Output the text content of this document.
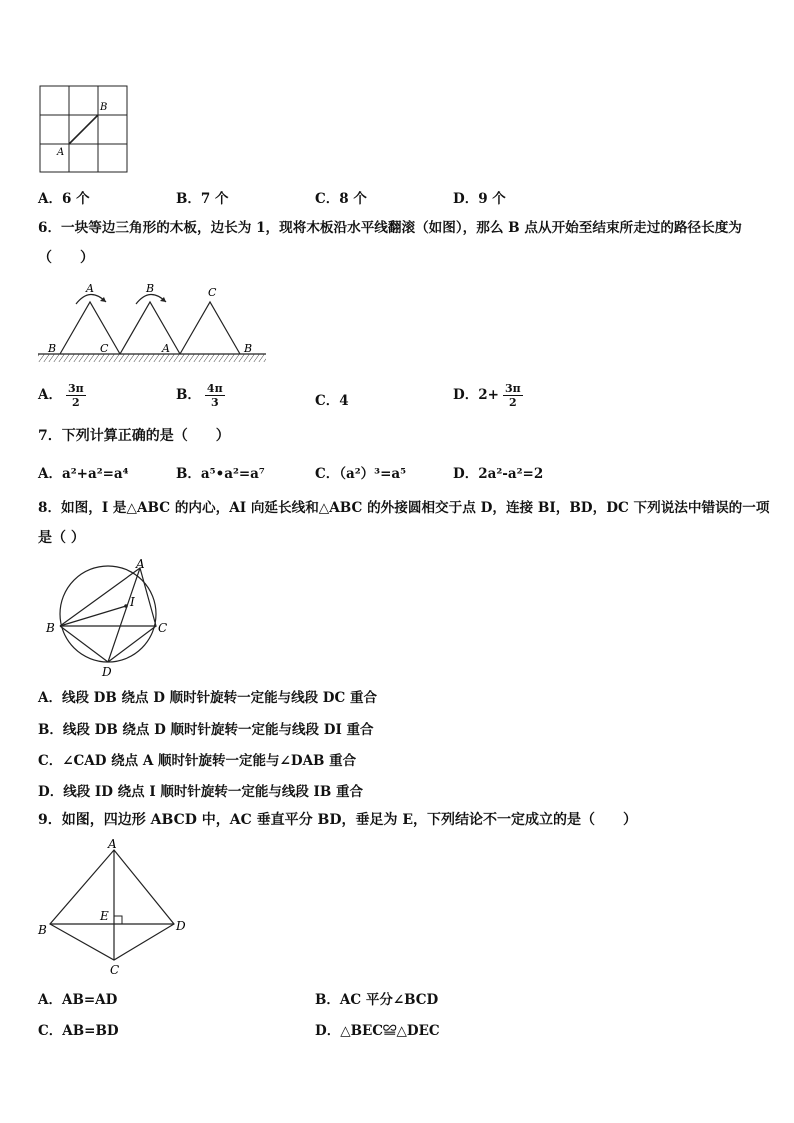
B
A
A．6 个	B．7 个	C．8 个	D．9 个
6．一块等边三角形的木板，边长为 1，现将木板沿水平线翻滚（如图），那么 B 点从开始至结束所走过的路径长度为
（　　）
B	C
A	B
A
C
B
A． $\frac{3\pi}{2}$	B． $\frac{4\pi}{3}$	C．4	D．$2+ \frac{3\pi}{2}$
7．下列计算正确的是（　　）
A．a²+a²=a⁴	B．a⁵•a²=a⁷	C．（a²）³=a⁵	D．2a²-a²=2
8．如图，I 是△ABC 的内心，AI 向延长线和△ABC 的外接圆相交于点 D，连接 BI，BD，DC 下列说法中错误的一项
是（ ）
A
I
B	C
D
A．线段 DB 绕点 D 顺时针旋转一定能与线段 DC 重合
B．线段 DB 绕点 D 顺时针旋转一定能与线段 DI 重合
C．∠CAD 绕点 A 顺时针旋转一定能与∠DAB 重合
D．线段 ID 绕点 I 顺时针旋转一定能与线段 IB 重合
9．如图，四边形 ABCD 中，AC 垂直平分 BD，垂足为 E，下列结论不一定成立的是（　　）
A
E
B	D
C
A．AB=AD	B．AC 平分∠BCD
C．AB=BD	D．△BEC≌△DEC
